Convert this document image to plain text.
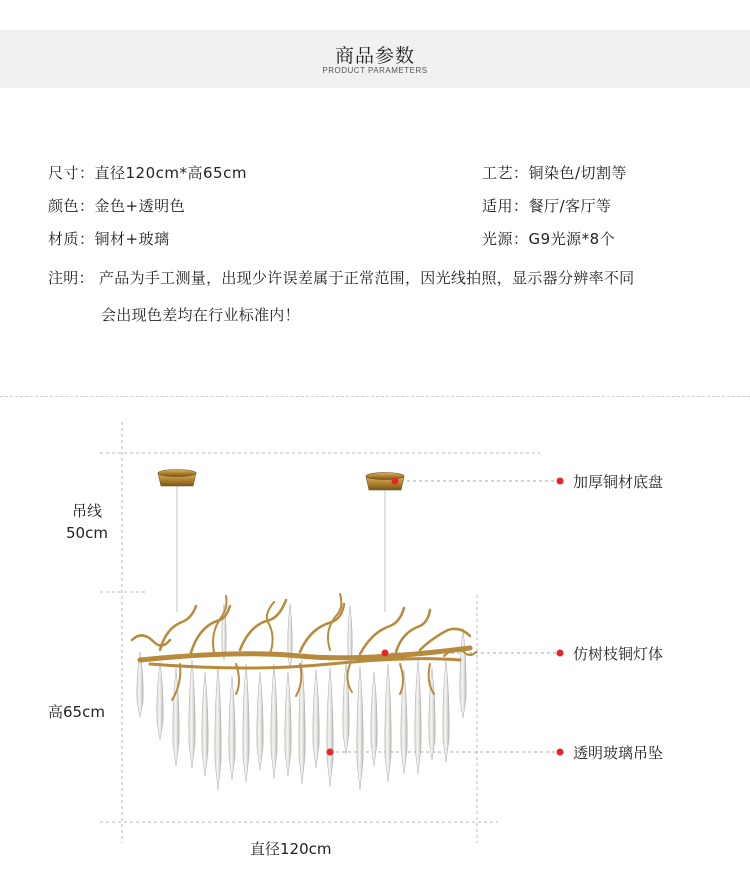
商品参数
PRODUCT PARAMETERS
尺寸：直径120cm*高65cm	工艺：铜染色/切割等
颜色：金色+透明色	适用：餐厅/客厅等
材质：铜材+玻璃	光源：G9光源*8个
注明： 产品为手工测量，出现少许误差属于正常范围，因光线拍照，显示器分辨率不同
会出现色差均在行业标准内！
吊线
50cm
高65cm
直径120cm
加厚铜材底盘
仿树枝铜灯体
透明玻璃吊坠
